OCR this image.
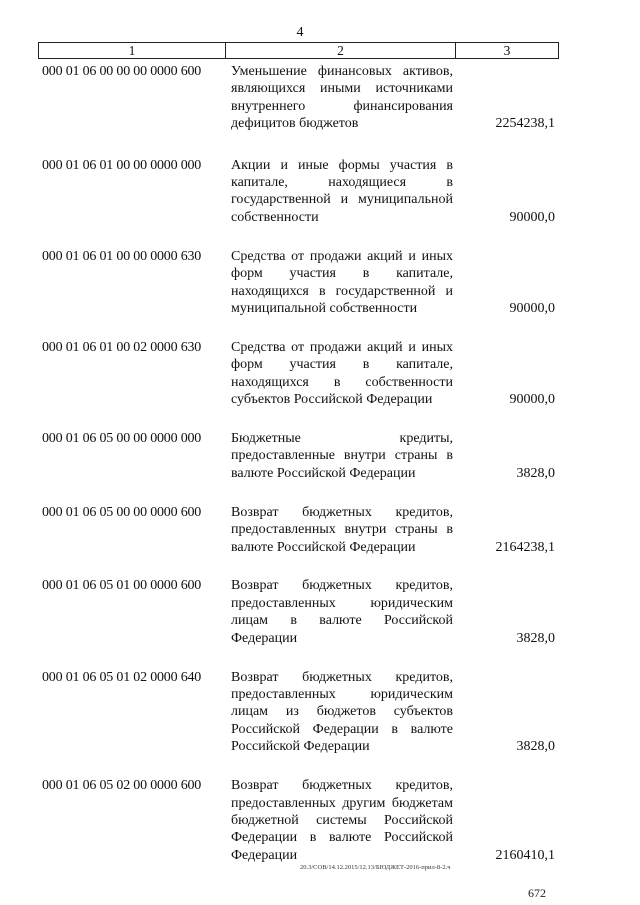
4
1	2	3
000 01 06 00 00 00 0000 600	Уменьшение финансовых активов, являющихся иными источниками внутреннего финансирования дефицитов бюджетов	2254238,1
000 01 06 01 00 00 0000 000	Акции и иные формы участия в капитале, находящиеся в государственной и муниципальной собственности	90000,0
000 01 06 01 00 00 0000 630	Средства от продажи акций и иных форм участия в капитале, находящихся в государственной и муниципальной собственности	90000,0
000 01 06 01 00 02 0000 630	Средства от продажи акций и иных форм участия в капитале, находящихся в собственности субъектов Российской Федерации	90000,0
000 01 06 05 00 00 0000 000	Бюджетные кредиты, предоставленные внутри страны в валюте Российской Федерации	3828,0
000 01 06 05 00 00 0000 600	Возврат бюджетных кредитов, предоставленных внутри страны в валюте Российской Федерации	2164238,1
000 01 06 05 01 00 0000 600	Возврат бюджетных кредитов, предоставленных юридическим лицам в валюте Российской Федерации	3828,0
000 01 06 05 01 02 0000 640	Возврат бюджетных кредитов, предоставленных юридическим лицам из бюджетов субъектов Российской Федерации в валюте Российской Федерации	3828,0
000 01 06 05 02 00 0000 600	Возврат бюджетных кредитов, предоставленных другим бюджетам бюджетной системы Российской Федерации в валюте Российской Федерации	2160410,1
20.3/СОВ/14.12.2015/12.13/БЮДЖЕТ-2016-прил-8-2.ч
672
